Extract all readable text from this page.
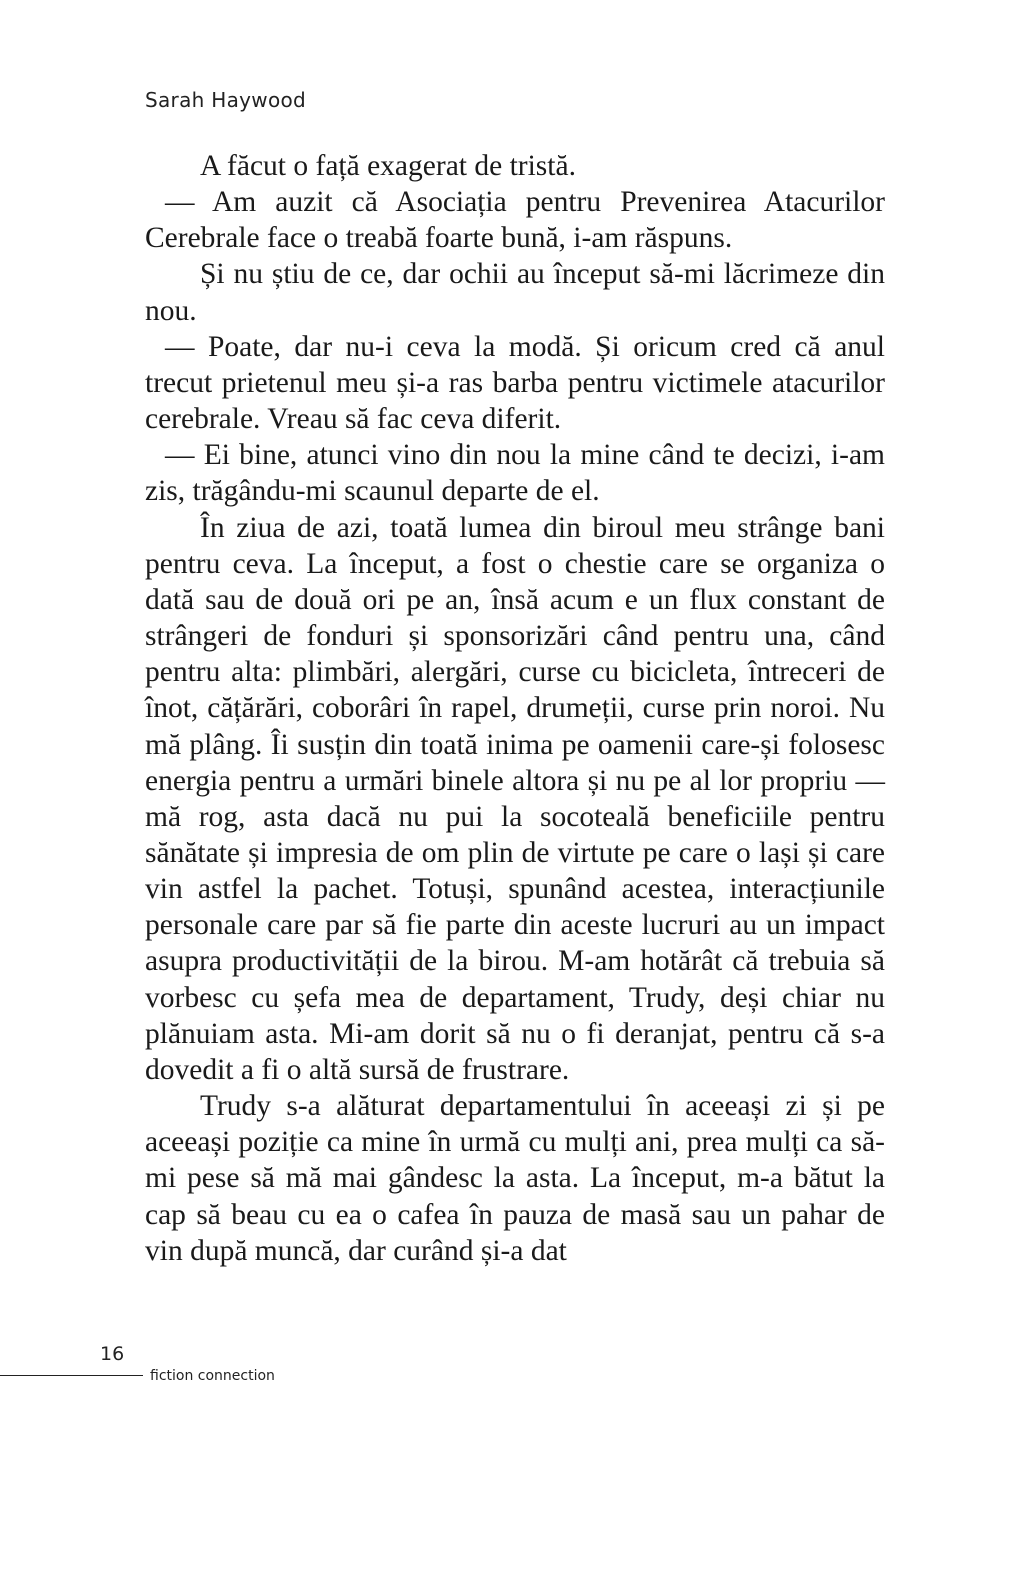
Sarah Haywood

A făcut o față exagerat de tristă.

— Am auzit că Asociația pentru Prevenirea Atacurilor Cerebrale face o treabă foarte bună, i-am răspuns.

Și nu știu de ce, dar ochii au început să-mi lăcrimeze din nou.

— Poate, dar nu-i ceva la modă. Și oricum cred că anul trecut prietenul meu și-a ras barba pentru victimele atacurilor cerebrale. Vreau să fac ceva diferit.

— Ei bine, atunci vino din nou la mine când te decizi, i-am zis, trăgându-mi scaunul departe de el.

În ziua de azi, toată lumea din biroul meu strânge bani pentru ceva. La început, a fost o chestie care se organiza o dată sau de două ori pe an, însă acum e un flux constant de strângeri de fonduri și sponsorizări când pentru una, când pentru alta: plimbări, alergări, curse cu bicicleta, întreceri de înot, cățărări, coborâri în rapel, drumeții, curse prin noroi. Nu mă plâng. Îi susțin din toată inima pe oamenii care-și folosesc energia pentru a urmări binele altora și nu pe al lor propriu — mă rog, asta dacă nu pui la socoteală beneficiile pentru sănătate și impresia de om plin de virtute pe care o lași și care vin astfel la pachet. Totuși, spunând acestea, interacțiunile personale care par să fie parte din aceste lucruri au un impact asupra productivității de la birou. M-am hotărât că trebuia să vorbesc cu șefa mea de departament, Trudy, deși chiar nu plănuiam asta. Mi-am dorit să nu o fi deranjat, pentru că s-a dovedit a fi o altă sursă de frustrare.

Trudy s-a alăturat departamentului în aceeași zi și pe aceeași poziție ca mine în urmă cu mulți ani, prea mulți ca să-mi pese să mă mai gândesc la asta. La început, m-a bătut la cap să beau cu ea o cafea în pauza de masă sau un pahar de vin după muncă, dar curând și-a dat

16
fiction connection
